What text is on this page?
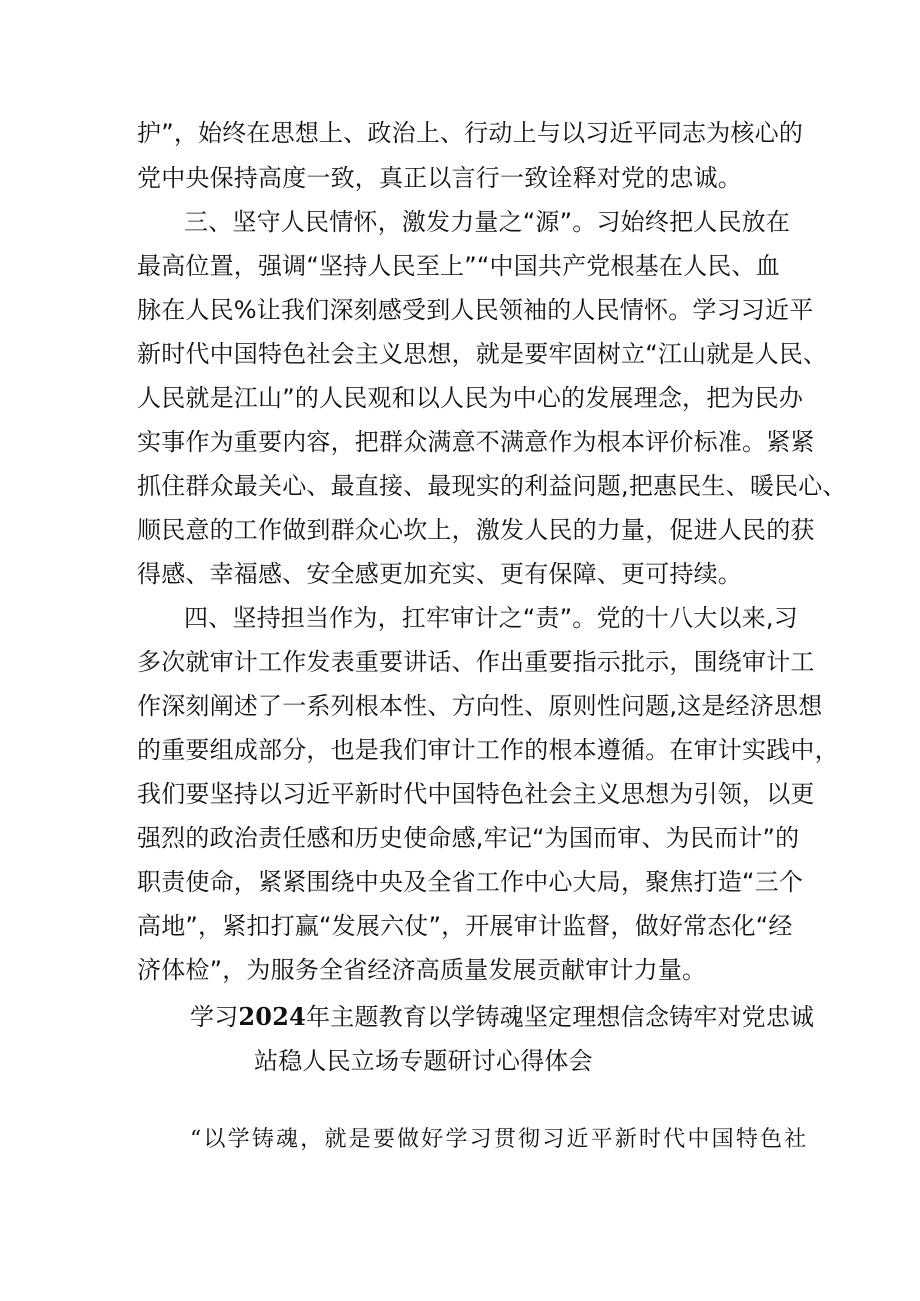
护”，始终在思想上、政治上、行动上与以习近平同志为核心的
党中央保持高度一致，真正以言行一致诠释对党的忠诚。
三、坚守人民情怀，激发力量之“源”。习始终把人民放在
最高位置，强调“坚持人民至上”“中国共产党根基在人民、血
脉在人民%让我们深刻感受到人民领袖的人民情怀。学习习近平
新时代中国特色社会主义思想，就是要牢固树立“江山就是人民、
人民就是江山”的人民观和以人民为中心的发展理念，把为民办
实事作为重要内容，把群众满意不满意作为根本评价标准。紧紧
抓住群众最关心、最直接、最现实的利益问题,把惠民生、暖民心、
顺民意的工作做到群众心坎上，激发人民的力量，促进人民的获
得感、幸福感、安全感更加充实、更有保障、更可持续。
四、坚持担当作为，扛牢审计之“责”。党的十八大以来,习
多次就审计工作发表重要讲话、作出重要指示批示，围绕审计工
作深刻阐述了一系列根本性、方向性、原则性问题,这是经济思想
的重要组成部分，也是我们审计工作的根本遵循。在审计实践中，
我们要坚持以习近平新时代中国特色社会主义思想为引领，以更
强烈的政治责任感和历史使命感,牢记“为国而审、为民而计”的
职责使命，紧紧围绕中央及全省工作中心大局，聚焦打造“三个
高地”，紧扣打赢“发展六仗”，开展审计监督，做好常态化“经
济体检”，为服务全省经济高质量发展贡献审计力量。
学习2024年主题教育以学铸魂坚定理想信念铸牢对党忠诚
站稳人民立场专题研讨心得体会
“以学铸魂，就是要做好学习贯彻习近平新时代中国特色社
